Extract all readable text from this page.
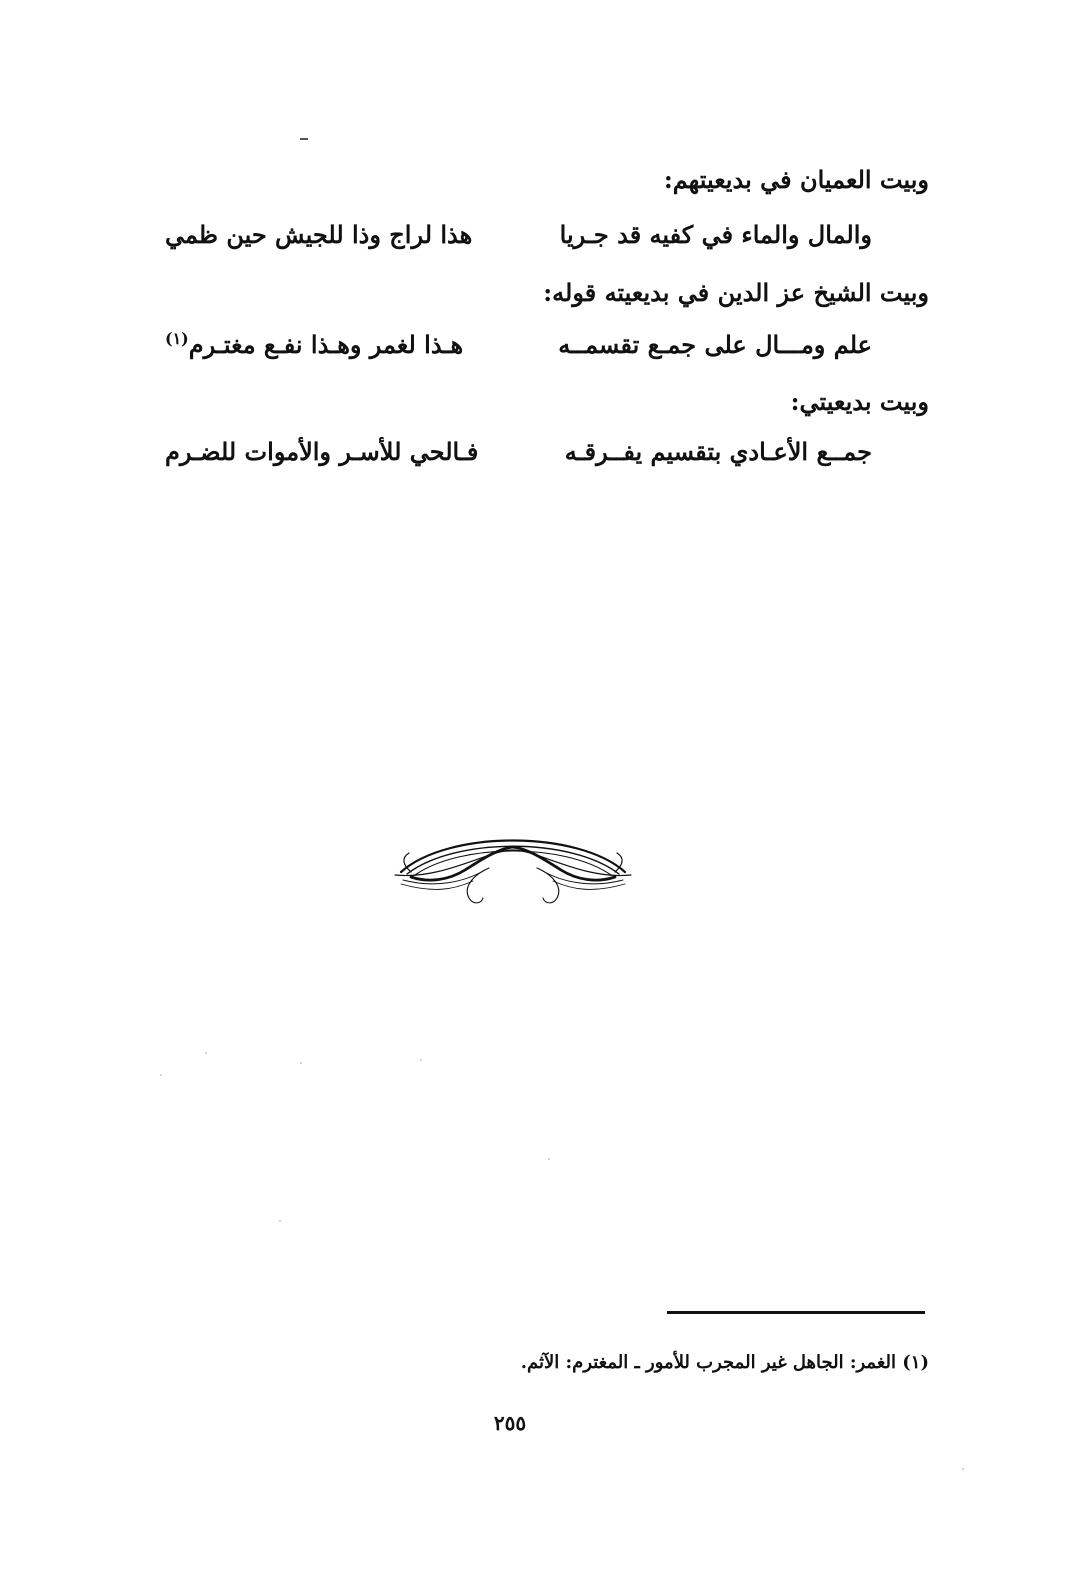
وبيت العميان في بديعيتهم:
والمال والماء في كفيه قد جـريا
هذا لراج وذا للجيش حين ظمي
وبيت الشيخ عز الدين في بديعيته قوله:
علم ومـــال على جمـع تقسمــه
هـذا لغمر وهـذا نفـع مغتـرم$^{(١)}$
وبيت بديعيتي:
جمــع الأعـادي بتقسيم يفــرقـه
فـالحي للأسـر والأموات للضـرم
(١) الغمر: الجاهل غير المجرب للأمور ـ المغترم: الآثم.
٢٥٥
